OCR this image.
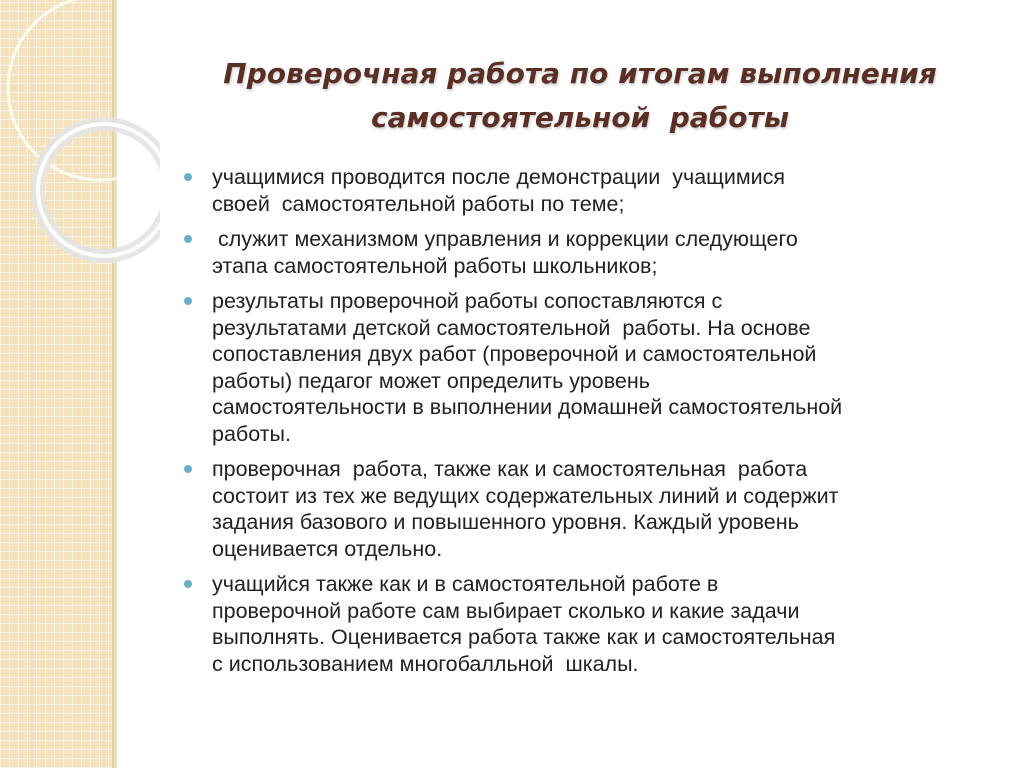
Проверочная работа по итогам выполнения
самостоятельной  работы
учащимися проводится после демонстрации  учащимися
своей  самостоятельной работы по теме;
служит механизмом управления и коррекции следующего
этапа самостоятельной работы школьников;
результаты проверочной работы сопоставляются с
результатами детской самостоятельной  работы. На основе
сопоставления двух работ (проверочной и самостоятельной
работы) педагог может определить уровень
самостоятельности в выполнении домашней самостоятельной
работы.
проверочная  работа, также как и самостоятельная  работа
состоит из тех же ведущих содержательных линий и содержит
задания базового и повышенного уровня. Каждый уровень
оценивается отдельно.
учащийся также как и в самостоятельной работе в
проверочной работе сам выбирает сколько и какие задачи
выполнять. Оценивается работа также как и самостоятельная
с использованием многобалльной  шкалы.
